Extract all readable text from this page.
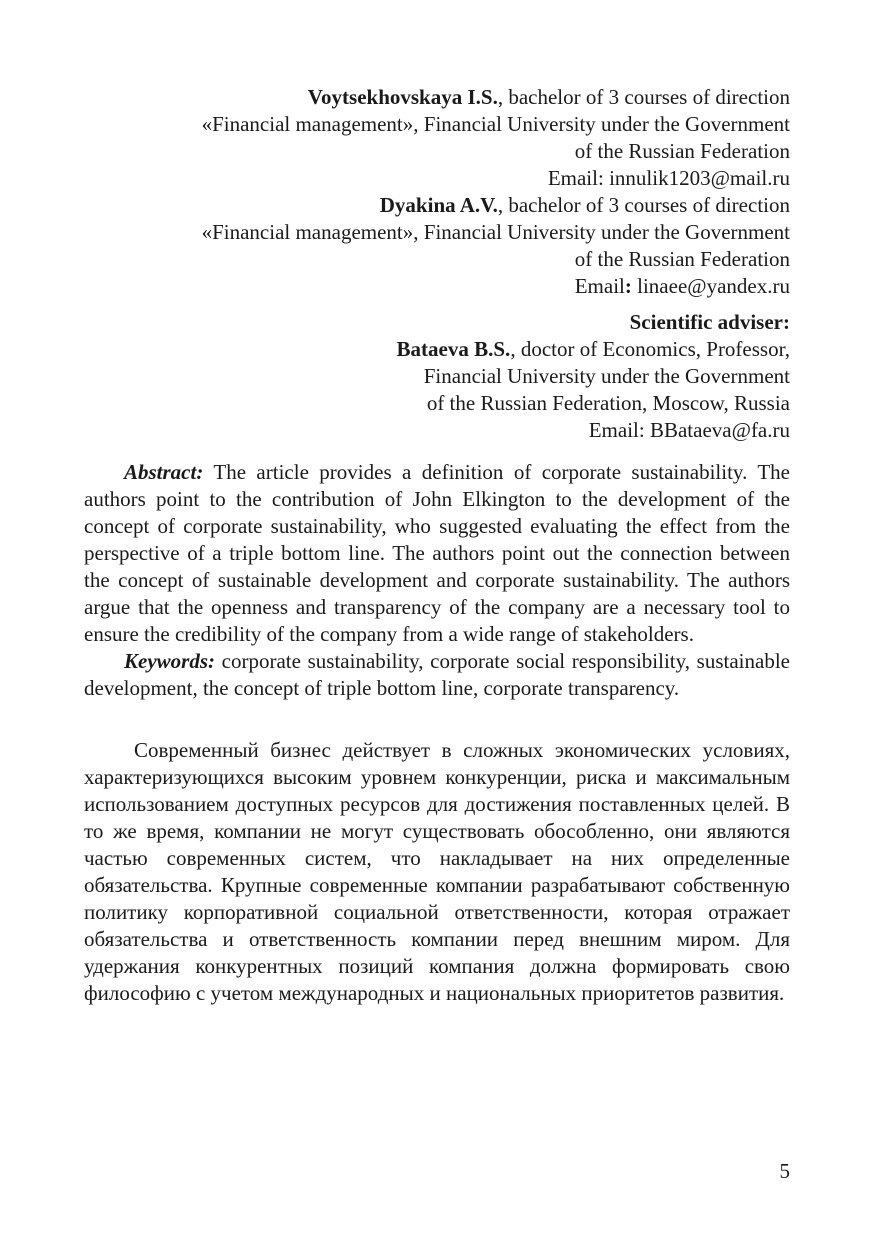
Voytsekhovskaya I.S., bachelor of 3 courses of direction
«Financial management», Financial University under the Government
of the Russian Federation
Email: innulik1203@mail.ru
Dyakina A.V., bachelor of 3 courses of direction
«Financial management», Financial University under the Government
of the Russian Federation
Email: linaee@yandex.ru
Scientific adviser:
Bataeva B.S., doctor of Economics, Professor,
Financial University under the Government
of the Russian Federation, Moscow, Russia
Email: BBataeva@fa.ru

Abstract: The article provides a definition of corporate sustainability. The authors point to the contribution of John Elkington to the development of the concept of corporate sustainability, who suggested evaluating the effect from the perspective of a triple bottom line. The authors point out the connection between the concept of sustainable development and corporate sustainability. The authors argue that the openness and transparency of the company are a necessary tool to ensure the credibility of the company from a wide range of stakeholders.

Keywords: corporate sustainability, corporate social responsibility, sustainable development, the concept of triple bottom line, corporate transparency.

Современный бизнес действует в сложных экономических условиях, характеризующихся высоким уровнем конкуренции, риска и максимальным использованием доступных ресурсов для достижения поставленных целей. В то же время, компании не могут существовать обособленно, они являются частью современных систем, что накладывает на них определенные обязательства. Крупные современные компании разрабатывают собственную политику корпоративной социальной ответственности, которая отражает обязательства и ответственность компании перед внешним миром. Для удержания конкурентных позиций компания должна формировать свою философию с учетом международных и национальных приоритетов развития.

5
